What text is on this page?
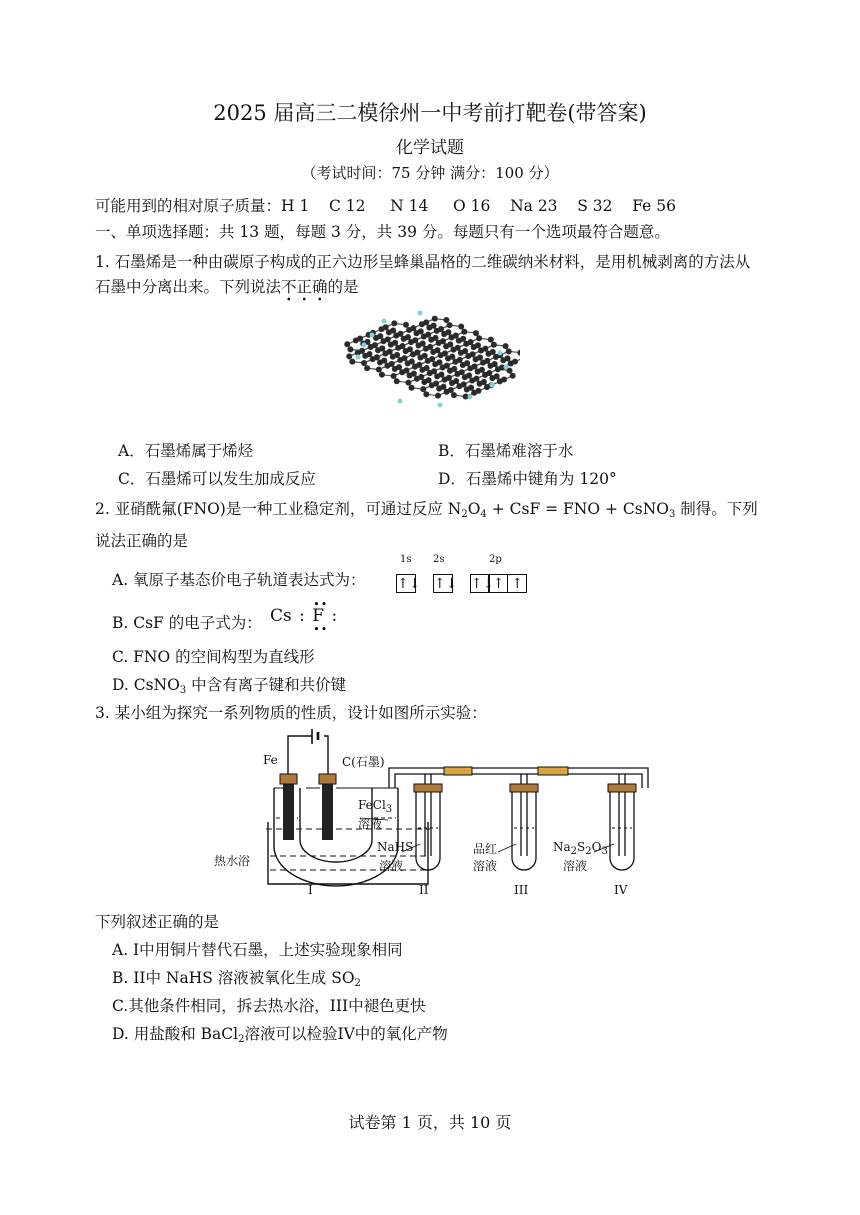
2025 届高三二模徐州一中考前打靶卷(带答案)
化学试题
（考试时间：75 分钟 满分：100 分）
可能用到的相对原子质量：H 1    C 12     N 14     O 16    Na 23    S 32    Fe 56
一、单项选择题：共 13 题，每题 3 分，共 39 分。每题只有一个选项最符合题意。
1. 石墨烯是一种由碳原子构成的正六边形呈蜂巢晶格的二维碳纳米材料，是用机械剥离的方法从石墨中分离出来。下列说法不正确的是
A．石墨烯属于烯烃	B．石墨烯难溶于水
C．石墨烯可以发生加成反应	D．石墨烯中键角为 120°
2. 亚硝酰氟(FNO)是一种工业稳定剂，可通过反应 $N_2O_4$ + CsF = FNO + CsNO$_3$ 制得。下列说法正确的是
A. 氧原子基态价电子轨道表达式为：
1s 2s	2p
↑↓ ↑↓ ↑↓↑ ↑
B. CsF 的电子式为： Cs : F
••
••
:
C. FNO 的空间构型为直线形
D. CsNO$_3$ 中含有离子键和共价键
3. 某小组为探究一系列物质的性质，设计如图所示实验：
Fe	C(石墨)
FeCl$_3$
溶液
热水浴
NaHS
溶液
品红
溶液
$Na_2S_2O_3$
溶液
I	II	III	IV
下列叙述正确的是
A. I中用铜片替代石墨，上述实验现象相同
B. II中 NaHS 溶液被氧化生成 $SO_2$
C.其他条件相同，拆去热水浴，III中褪色更快
D. 用盐酸和 BaCl$_2$溶液可以检验IV中的氧化产物
试卷第 1 页，共 10 页
